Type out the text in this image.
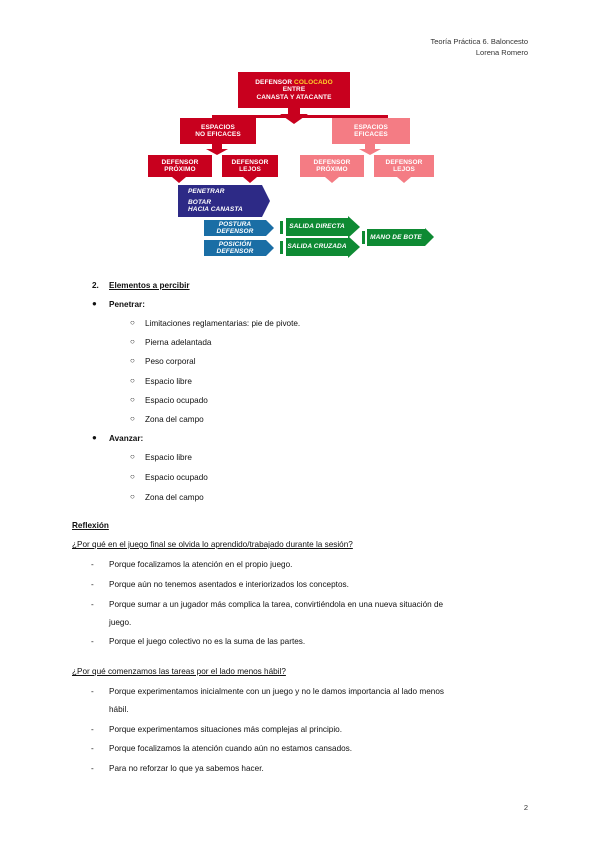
Teoría Práctica 6. Baloncesto
Lorena Romero
DEFENSOR COLOCADO
ENTRE
CANASTA Y ATACANTE
ESPACIOS
NO EFICACES
ESPACIOS
EFICACES
DEFENSOR
PRÓXIMO
DEFENSOR
LEJOS
DEFENSOR
PRÓXIMO
DEFENSOR
LEJOS
PENETRAR
BOTAR
HACIA CANASTA
POSTURA
DEFENSOR
POSICIÓN
DEFENSOR
SALIDA DIRECTA
SALIDA CRUZADA
MANO DE BOTE
2. Elementos a percibir
● Penetrar:
○ Limitaciones reglamentarias: pie de pivote.
○ Pierna adelantada
○ Peso corporal
○ Espacio libre
○ Espacio ocupado
○ Zona del campo
● Avanzar:
○ Espacio libre
○ Espacio ocupado
○ Zona del campo
Reflexión
¿Por qué en el juego final se olvida lo aprendido/trabajado durante la sesión?
- Porque focalizamos la atención en el propio juego.
- Porque aún no tenemos asentados e interiorizados los conceptos.
- Porque sumar a un jugador más complica la tarea, convirtiéndola en una nueva situación de
juego.
- Porque el juego colectivo no es la suma de las partes.
¿Por qué comenzamos las tareas por el lado menos hábil?
- Porque experimentamos inicialmente con un juego y no le damos importancia al lado menos
hábil.
- Porque experimentamos situaciones más complejas al principio.
- Porque focalizamos la atención cuando aún no estamos cansados.
- Para no reforzar lo que ya sabemos hacer.
2
